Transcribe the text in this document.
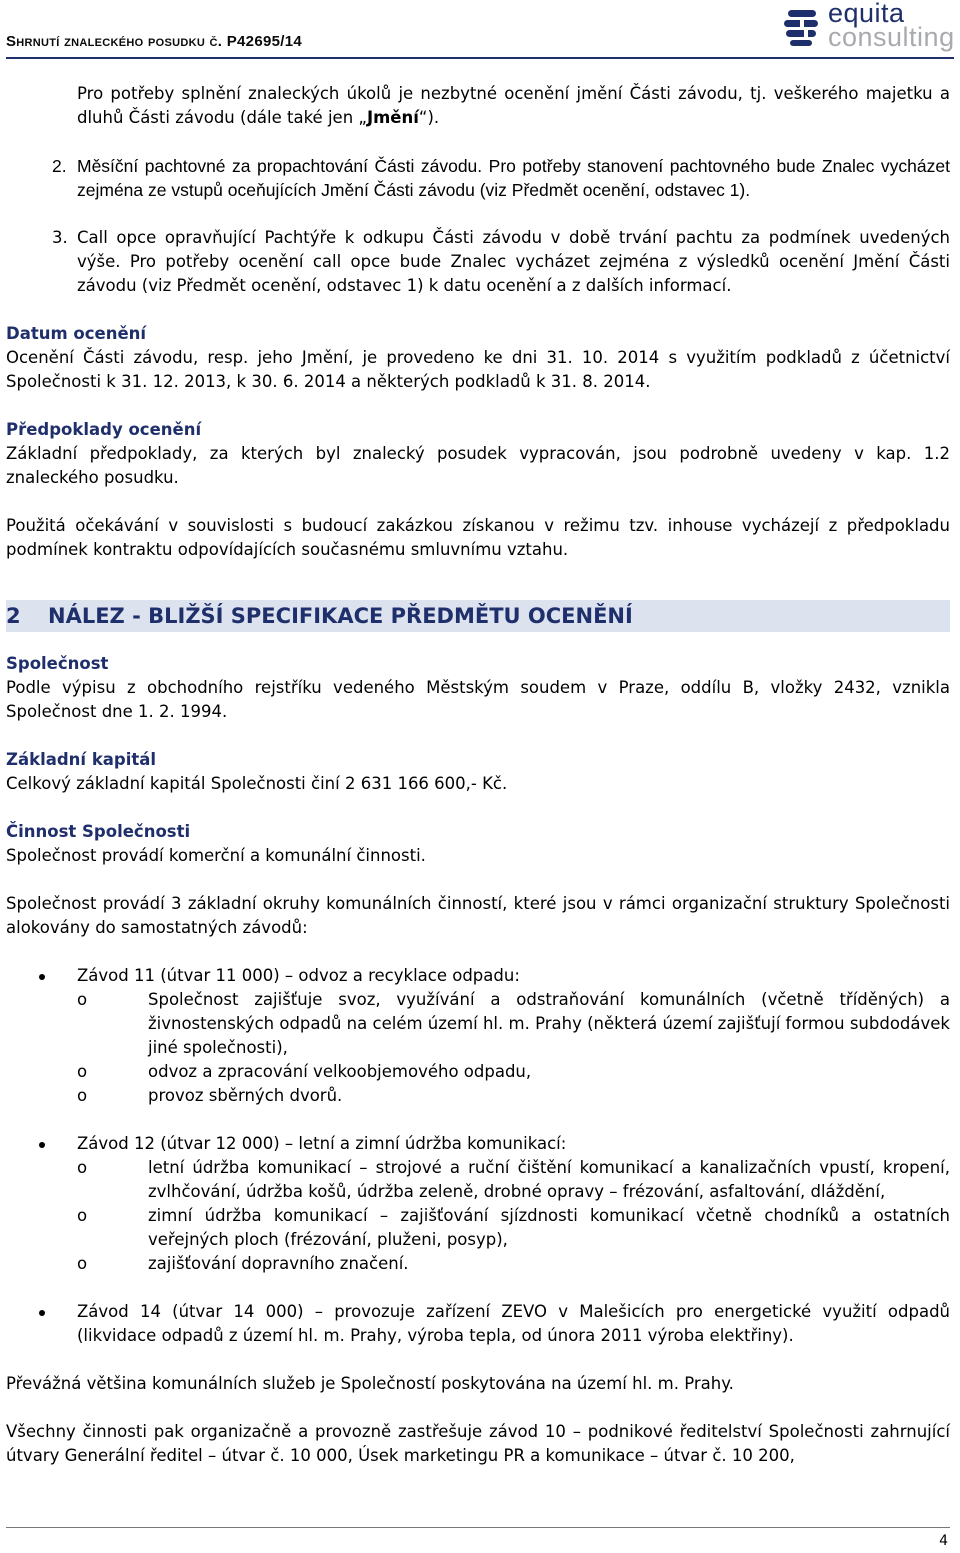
Shrnutí znaleckého posudku č. P42695/14
equita
consulting

Pro potřeby splnění znaleckých úkolů je nezbytné ocenění jmění Části závodu, tj. veškerého majetku a dluhů Části závodu (dále také jen „Jmění“).

2. Měsíční pachtovné za propachtování Části závodu. Pro potřeby stanovení pachtovného bude Znalec vycházet zejména ze vstupů oceňujících Jmění Části závodu (viz Předmět ocenění, odstavec 1).
3. Call opce opravňující Pachtýře k odkupu Části závodu v době trvání pachtu za podmínek uvedených výše. Pro potřeby ocenění call opce bude Znalec vycházet zejména z výsledků ocenění Jmění Části závodu (viz Předmět ocenění, odstavec 1) k datu ocenění a z dalších informací.

Datum ocenění

Ocenění Části závodu, resp. jeho Jmění, je provedeno ke dni 31. 10. 2014 s využitím podkladů z účetnictví Společnosti k 31. 12. 2013, k 30. 6. 2014 a některých podkladů k 31. 8. 2014.

Předpoklady ocenění

Základní předpoklady, za kterých byl znalecký posudek vypracován, jsou podrobně uvedeny v kap. 1.2 znaleckého posudku.

Použitá očekávání v souvislosti s budoucí zakázkou získanou v režimu tzv. inhouse vycházejí z předpokladu podmínek kontraktu odpovídajících současnému smluvnímu vztahu.

2 NÁLEZ - BLIŽŠÍ SPECIFIKACE PŘEDMĚTU OCENĚNÍ

Společnost

Podle výpisu z obchodního rejstříku vedeného Městským soudem v Praze, oddílu B, vložky 2432, vznikla Společnost dne 1. 2. 1994.

Základní kapitál

Celkový základní kapitál Společnosti činí 2 631 166 600,- Kč.

Činnost Společnosti

Společnost provádí komerční a komunální činnosti.

Společnost provádí 3 základní okruhy komunálních činností, které jsou v rámci organizační struktury Společnosti alokovány do samostatných závodů:

Závod 11 (útvar 11 000) – odvoz a recyklace odpadu:
o	Společnost zajišťuje svoz, využívání a odstraňování komunálních (včetně tříděných) a živnostenských odpadů na celém území hl. m. Prahy (některá území zajišťují formou subdodávek jiné společnosti),
o	odvoz a zpracování velkoobjemového odpadu,
o	provoz sběrných dvorů.
Závod 12 (útvar 12 000) – letní a zimní údržba komunikací:
o	letní údržba komunikací – strojové a ruční čištění komunikací a kanalizačních vpustí, kropení, zvlhčování, údržba košů, údržba zeleně, drobné opravy – frézování, asfaltování, dláždění,
o	zimní údržba komunikací – zajišťování sjízdnosti komunikací včetně chodníků a ostatních veřejných ploch (frézování, pluženi, posyp),
o	zajišťování dopravního značení.
Závod 14 (útvar 14 000) – provozuje zařízení ZEVO v Malešicích pro energetické využití odpadů (likvidace odpadů z území hl. m. Prahy, výroba tepla, od února 2011 výroba elektřiny).

Převážná většina komunálních služeb je Společností poskytována na území hl. m. Prahy.

Všechny činnosti pak organizačně a provozně zastřešuje závod 10 – podnikové ředitelství Společnosti zahrnující útvary Generální ředitel – útvar č. 10 000, Úsek marketingu PR a komunikace – útvar č. 10 200,

4
